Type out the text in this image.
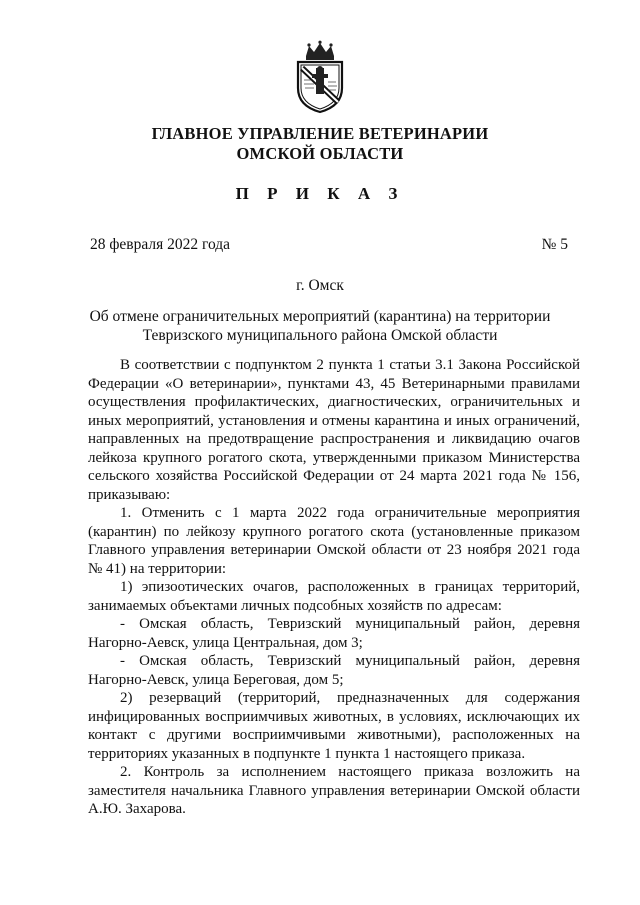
ГЛАВНОЕ УПРАВЛЕНИЕ ВЕТЕРИНАРИИ
ОМСКОЙ ОБЛАСТИ
П Р И К А З
28 февраля 2022 года	№ 5
г. Омск
Об отмене ограничительных мероприятий (карантина) на территории
Тевризского муниципального района Омской области

В соответствии с подпунктом 2 пункта 1 статьи 3.1 Закона Российской Федерации «О ветеринарии», пунктами 43, 45 Ветеринарными правилами осуществления профилактических, диагностических, ограничительных и иных мероприятий, установления и отмены карантина и иных ограничений, направленных на предотвращение распространения и ликвидацию очагов лейкоза крупного рогатого скота, утвержденными приказом Министерства сельского хозяйства Российской Федерации от 24 марта 2021 года № 156, приказываю:

1. Отменить с 1 марта 2022 года ограничительные мероприятия (карантин) по лейкозу крупного рогатого скота (установленные приказом Главного управления ветеринарии Омской области от 23 ноября 2021 года № 41) на территории:

1) эпизоотических очагов, расположенных в границах территорий, занимаемых объектами личных подсобных хозяйств по адресам:

- Омская область, Тевризский муниципальный район, деревня Нагорно-Аевск, улица Центральная, дом 3;

- Омская область, Тевризский муниципальный район, деревня Нагорно-Аевск, улица Береговая, дом 5;

2) резерваций (территорий, предназначенных для содержания инфицированных восприимчивых животных, в условиях, исключающих их контакт с другими восприимчивыми животными), расположенных на территориях указанных в подпункте 1 пункта 1 настоящего приказа.

2. Контроль за исполнением настоящего приказа возложить на заместителя начальника Главного управления ветеринарии Омской области А.Ю. Захарова.
